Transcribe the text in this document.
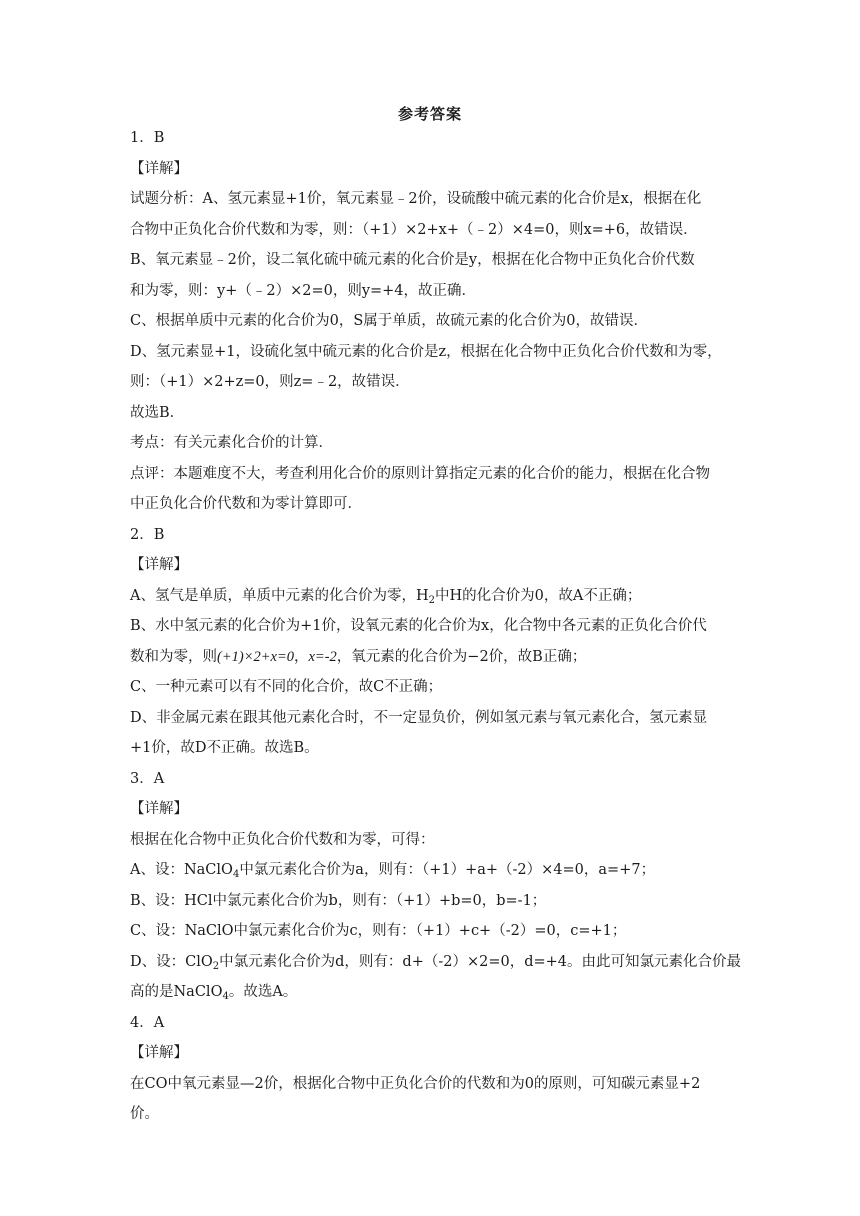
参考答案

1．B

【详解】

试题分析：A、氢元素显+1价，氧元素显﹣2价，设硫酸中硫元素的化合价是x，根据在化

合物中正负化合价代数和为零，则：（+1）×2+x+（﹣2）×4=0，则x=+6，故错误．

B、氧元素显﹣2价，设二氧化硫中硫元素的化合价是y，根据在化合物中正负化合价代数

和为零，则：y+（﹣2）×2=0，则y=+4，故正确．

C、根据单质中元素的化合价为0，S属于单质，故硫元素的化合价为0，故错误．

D、氢元素显+1，设硫化氢中硫元素的化合价是z，根据在化合物中正负化合价代数和为零，

则：（+1）×2+z=0，则z=﹣2，故错误．

故选B．

考点：有关元素化合价的计算．

点评：本题难度不大，考查利用化合价的原则计算指定元素的化合价的能力，根据在化合物

中正负化合价代数和为零计算即可．

2．B

【详解】

A、氢气是单质，单质中元素的化合价为零，$H_2$中H的化合价为0，故A不正确；

B、水中氢元素的化合价为+1价，设氧元素的化合价为x，化合物中各元素的正负化合价代

数和为零，则(+1)×2+x=0，x=-2，氧元素的化合价为−2价，故B正确；

C、一种元素可以有不同的化合价，故C不正确；

D、非金属元素在跟其他元素化合时，不一定显负价，例如氢元素与氧元素化合，氢元素显

+1价，故D不正确。故选B。

3．A

【详解】

根据在化合物中正负化合价代数和为零，可得：

A、设：NaClO$_4$中氯元素化合价为a，则有：（+1）+a+（-2）×4=0，a=+7；

B、设：HCl中氯元素化合价为b，则有：（+1）+b=0，b=-1；

C、设：NaClO中氯元素化合价为c，则有：（+1）+c+（-2）=0，c=+1；

D、设：ClO$_2$中氯元素化合价为d，则有：d+（-2）×2=0，d=+4。由此可知氯元素化合价最

高的是NaClO$_4$。故选A。

4．A

【详解】

在CO中氧元素显—2价，根据化合物中正负化合价的代数和为0的原则，可知碳元素显+2

价。
